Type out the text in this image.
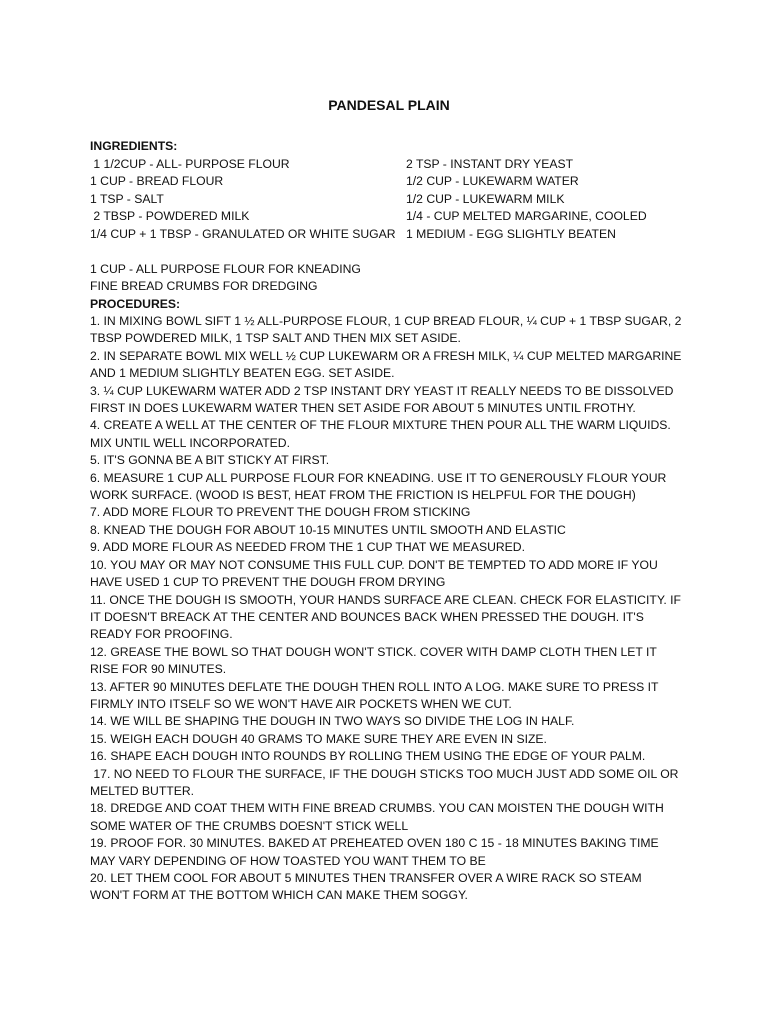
PANDESAL PLAIN
INGREDIENTS:
1 1/2CUP - ALL- PURPOSE FLOUR
1 CUP - BREAD FLOUR
1 TSP - SALT
2 TBSP - POWDERED MILK
1/4 CUP + 1 TBSP - GRANULATED OR WHITE SUGAR
2 TSP - INSTANT DRY YEAST
1/2 CUP - LUKEWARM WATER
1/2 CUP - LUKEWARM MILK
1/4 - CUP MELTED MARGARINE, COOLED
1 MEDIUM - EGG SLIGHTLY BEATEN
1 CUP - ALL PURPOSE FLOUR FOR KNEADING
FINE BREAD CRUMBS FOR DREDGING
PROCEDURES:
1. IN MIXING BOWL SIFT 1 ½ ALL-PURPOSE FLOUR, 1 CUP BREAD FLOUR, ¼ CUP + 1 TBSP SUGAR, 2 TBSP POWDERED MILK, 1 TSP SALT AND THEN MIX SET ASIDE.
2. IN SEPARATE BOWL MIX WELL ½ CUP LUKEWARM OR A FRESH MILK, ¼ CUP MELTED MARGARINE AND 1 MEDIUM SLIGHTLY BEATEN EGG. SET ASIDE.
3. ¼ CUP LUKEWARM WATER ADD 2 TSP INSTANT DRY YEAST IT REALLY NEEDS TO BE DISSOLVED FIRST IN DOES LUKEWARM WATER THEN SET ASIDE FOR ABOUT 5 MINUTES UNTIL FROTHY.
4. CREATE A WELL AT THE CENTER OF THE FLOUR MIXTURE THEN POUR ALL THE WARM LIQUIDS. MIX UNTIL WELL INCORPORATED.
5. IT'S GONNA BE A BIT STICKY AT FIRST.
6. MEASURE 1 CUP ALL PURPOSE FLOUR FOR KNEADING. USE IT TO GENEROUSLY FLOUR YOUR WORK SURFACE. (WOOD IS BEST, HEAT FROM THE FRICTION IS HELPFUL FOR THE DOUGH)
7. ADD MORE FLOUR TO PREVENT THE DOUGH FROM STICKING
8. KNEAD THE DOUGH FOR ABOUT 10-15 MINUTES UNTIL SMOOTH AND ELASTIC
9. ADD MORE FLOUR AS NEEDED FROM THE 1 CUP THAT WE MEASURED.
10. YOU MAY OR MAY NOT CONSUME THIS FULL CUP. DON'T BE TEMPTED TO ADD MORE IF YOU HAVE USED 1 CUP TO PREVENT THE DOUGH FROM DRYING
11. ONCE THE DOUGH IS SMOOTH, YOUR HANDS SURFACE ARE CLEAN. CHECK FOR ELASTICITY. IF IT DOESN'T BREACK AT THE CENTER AND BOUNCES BACK WHEN PRESSED THE DOUGH. IT'S READY FOR PROOFING.
12. GREASE THE BOWL SO THAT DOUGH WON'T STICK. COVER WITH DAMP CLOTH THEN LET IT RISE FOR 90 MINUTES.
13. AFTER 90 MINUTES DEFLATE THE DOUGH THEN ROLL INTO A LOG. MAKE SURE TO PRESS IT FIRMLY INTO ITSELF SO WE WON'T HAVE AIR POCKETS WHEN WE CUT.
14. WE WILL BE SHAPING THE DOUGH IN TWO WAYS SO DIVIDE THE LOG IN HALF.
15. WEIGH EACH DOUGH 40 GRAMS TO MAKE SURE THEY ARE EVEN IN SIZE.
16. SHAPE EACH DOUGH INTO ROUNDS BY ROLLING THEM USING THE EDGE OF YOUR PALM.
17. NO NEED TO FLOUR THE SURFACE, IF THE DOUGH STICKS TOO MUCH JUST ADD SOME OIL OR MELTED BUTTER.
18. DREDGE AND COAT THEM WITH FINE BREAD CRUMBS. YOU CAN MOISTEN THE DOUGH WITH SOME WATER OF THE CRUMBS DOESN'T STICK WELL
19. PROOF FOR. 30 MINUTES. BAKED AT PREHEATED OVEN 180 C 15 - 18 MINUTES BAKING TIME MAY VARY DEPENDING OF HOW TOASTED YOU WANT THEM TO BE
20. LET THEM COOL FOR ABOUT 5 MINUTES THEN TRANSFER OVER A WIRE RACK SO STEAM WON'T FORM AT THE BOTTOM WHICH CAN MAKE THEM SOGGY.
